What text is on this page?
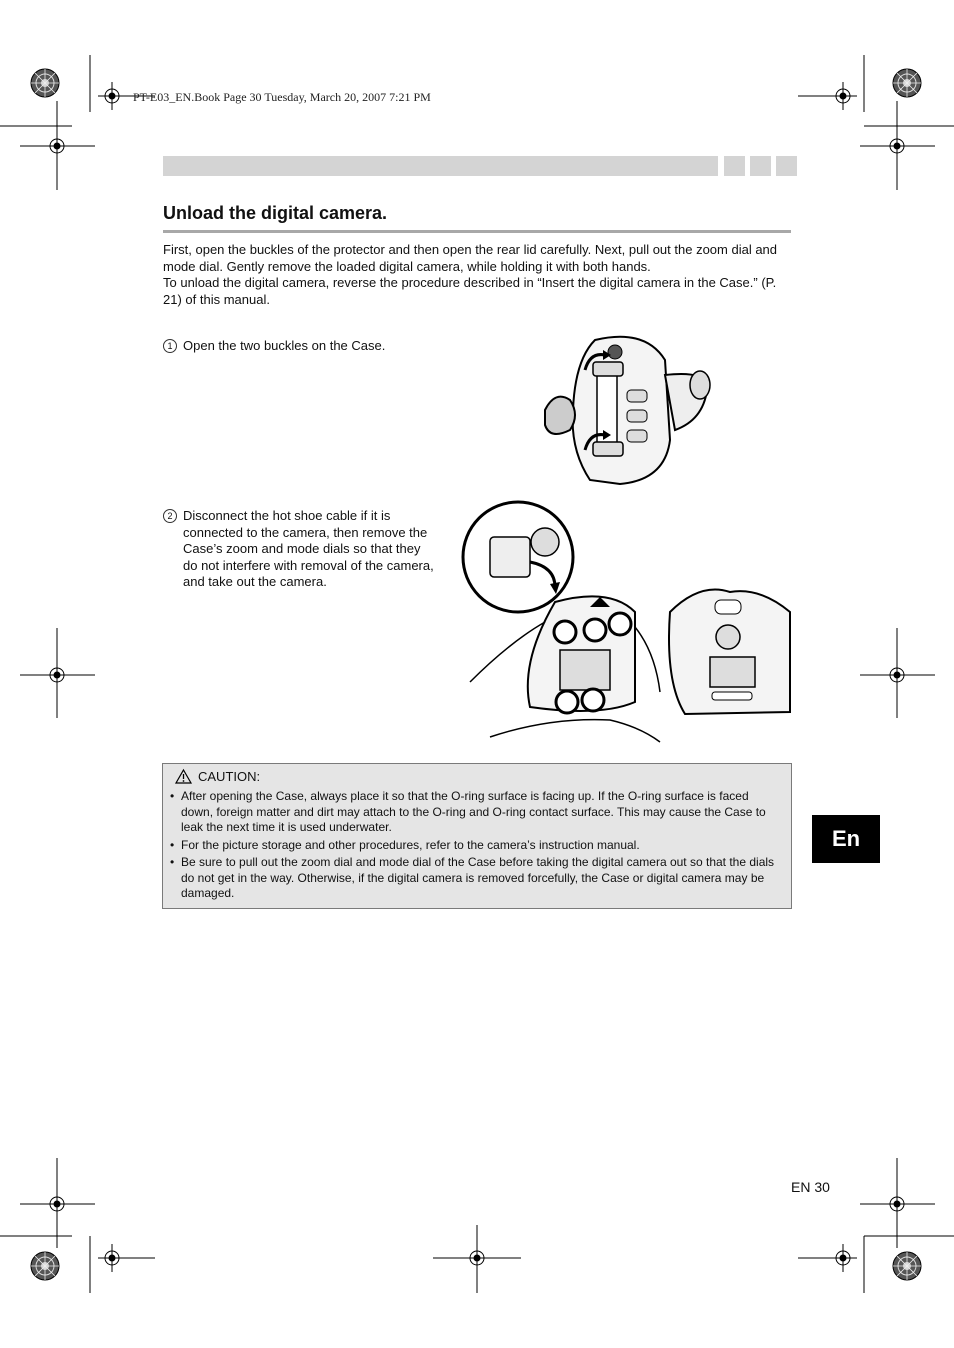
PT-E03_EN.Book Page 30 Tuesday, March 20, 2007 7:21 PM
Unload the digital camera.

First, open the buckles of the protector and then open the rear lid carefully. Next, pull out the zoom dial and mode dial. Gently remove the loaded digital camera, while holding it with both hands.

To unload the digital camera, reverse the procedure described in “Insert the digital camera in the Case.” (P. 21) of this manual.

1 Open the two buckles on the Case.
2 Disconnect the hot shoe cable if it is connected to the camera, then remove the Case’s zoom and mode dials so that they do not interfere with removal of the camera, and take out the camera.
CAUTION:
• After opening the Case, always place it so that the O-ring surface is facing up. If the O-ring surface is faced down, foreign matter and dirt may attach to the O-ring and O-ring contact surface. This may cause the Case to leak the next time it is used underwater.
• For the picture storage and other procedures, refer to the camera’s instruction manual.
• Be sure to pull out the zoom dial and mode dial of the Case before taking the digital camera out so that the dials do not get in the way. Otherwise, if the digital camera is removed forcefully, the Case or digital camera may be damaged.
En
EN 30
